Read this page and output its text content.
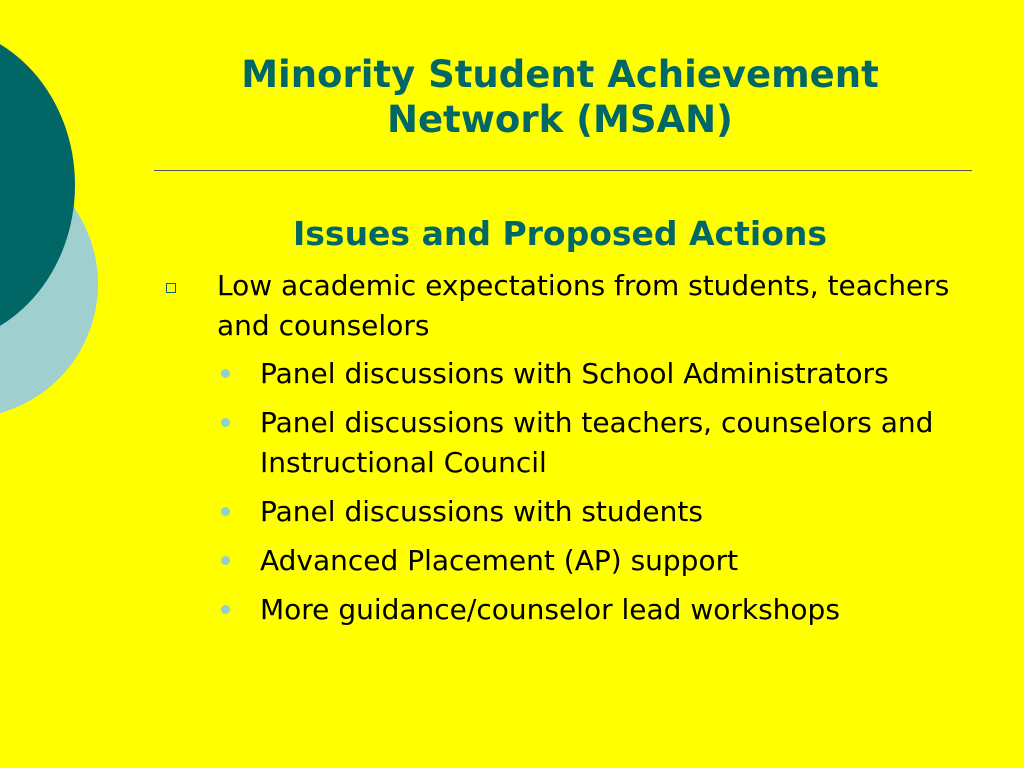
Minority Student Achievement
Network (MSAN)
Issues and Proposed Actions
Low academic expectations from students, teachers and counselors
Panel discussions with School Administrators
Panel discussions with teachers, counselors and Instructional Council
Panel discussions with students
Advanced Placement (AP) support
More guidance/counselor lead workshops
